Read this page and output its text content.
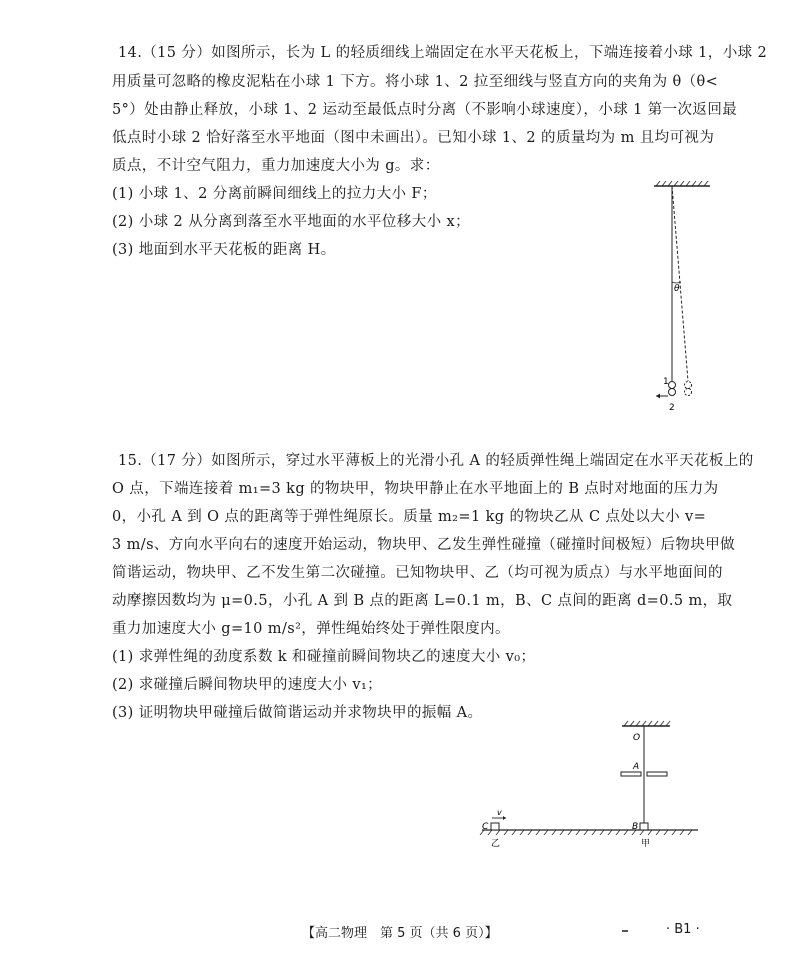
14.（15 分）如图所示，长为 L 的轻质细线上端固定在水平天花板上，下端连接着小球 1，小球 2
用质量可忽略的橡皮泥粘在小球 1 下方。将小球 1、2 拉至细线与竖直方向的夹角为 θ（θ<
5°）处由静止释放，小球 1、2 运动至最低点时分离（不影响小球速度），小球 1 第一次返回最
低点时小球 2 恰好落至水平地面（图中未画出）。已知小球 1、2 的质量均为 m 且均可视为
质点，不计空气阻力，重力加速度大小为 g。求：
(1) 小球 1、2 分离前瞬间细线上的拉力大小 F；
(2) 小球 2 从分离到落至水平地面的水平位移大小 x；
(3) 地面到水平天花板的距离 H。
θ
1
2
15.（17 分）如图所示，穿过水平薄板上的光滑小孔 A 的轻质弹性绳上端固定在水平天花板上的
O 点，下端连接着 m₁=3 kg 的物块甲，物块甲静止在水平地面上的 B 点时对地面的压力为
0，小孔 A 到 O 点的距离等于弹性绳原长。质量 m₂=1 kg 的物块乙从 C 点处以大小 v=
3 m/s、方向水平向右的速度开始运动，物块甲、乙发生弹性碰撞（碰撞时间极短）后物块甲做
简谐运动，物块甲、乙不发生第二次碰撞。已知物块甲、乙（均可视为质点）与水平地面间的
动摩擦因数均为 μ=0.5，小孔 A 到 B 点的距离 L=0.1 m，B、C 点间的距离 d=0.5 m，取
重力加速度大小 g=10 m/s²，弹性绳始终处于弹性限度内。
(1) 求弹性绳的劲度系数 k 和碰撞前瞬间物块乙的速度大小 v₀；
(2) 求碰撞后瞬间物块甲的速度大小 v₁；
(3) 证明物块甲碰撞后做简谐运动并求物块甲的振幅 A。
O
A
B
甲
C
v
乙
【高二物理　第 5 页（共 6 页）】	· B1 ·
